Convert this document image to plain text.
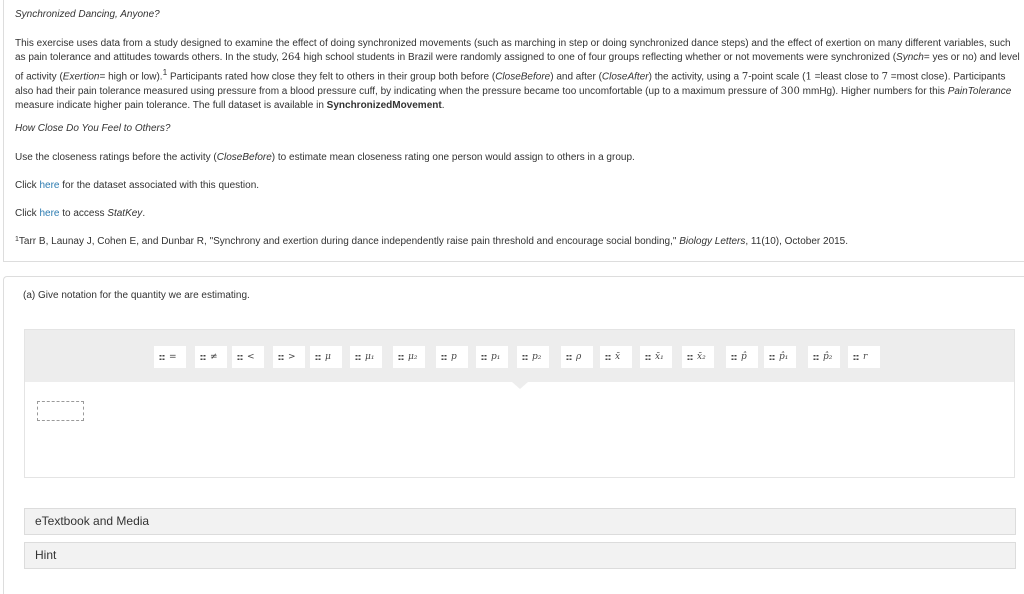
Synchronized Dancing, Anyone?
This exercise uses data from a study designed to examine the effect of doing synchronized movements (such as marching in step or doing synchronized dance steps) and the effect of exertion on many different variables, such as pain tolerance and attitudes towards others. In the study, 264 high school students in Brazil were randomly assigned to one of four groups reflecting whether or not movements were synchronized (Synch= yes or no) and level of activity (Exertion= high or low).$^1$ Participants rated how close they felt to others in their group both before (CloseBefore) and after (CloseAfter) the activity, using a 7-point scale (1 =least close to 7 =most close). Participants also had their pain tolerance measured using pressure from a blood pressure cuff, by indicating when the pressure became too uncomfortable (up to a maximum pressure of 300 mmHg). Higher numbers for this PainTolerance measure indicate higher pain tolerance. The full dataset is available in SynchronizedMovement.
How Close Do You Feel to Others?
Use the closeness ratings before the activity (CloseBefore) to estimate mean closeness rating one person would assign to others in a group.
Click here for the dataset associated with this question.
Click here to access StatKey.
$^1$Tarr B, Launay J, Cohen E, and Dunbar R, "Synchrony and exertion during dance independently raise pain threshold and encourage social bonding," Biology Letters, 11(10), October 2015.
(a) Give notation for the quantity we are estimating.
=	≠	<	>	μ	μ₁	μ₂	p	p₁	p₂	ρ	x̄	x̄₁	x̄₂	p̂	p̂₁	p̂₂	r
eTextbook and Media
Hint
